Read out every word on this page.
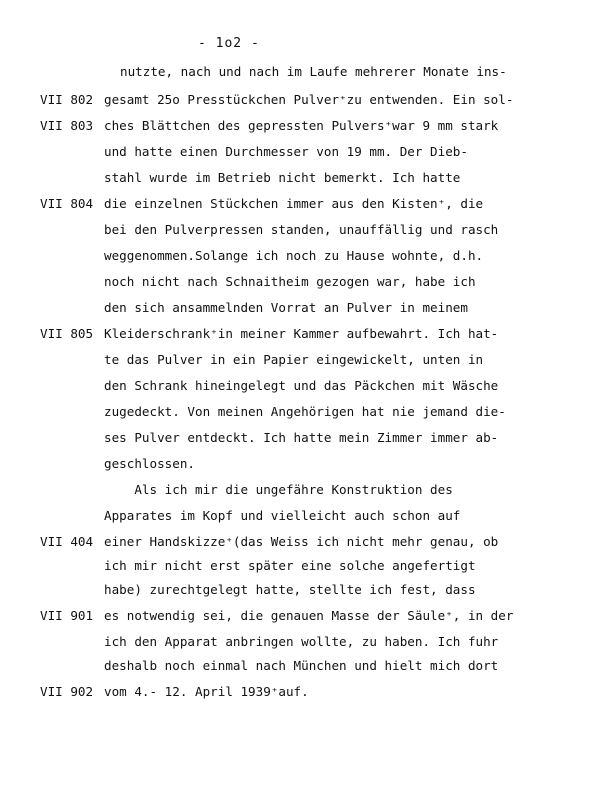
- 1o2 -
nutzte, nach und nach im Laufe mehrerer Monate ins-
VII 802 gesamt 25o Presstückchen Pulver⁺zu entwenden. Ein sol-
VII 803 ches Blättchen des gepressten Pulvers⁺war 9 mm stark
und hatte einen Durchmesser von 19 mm. Der Dieb-
stahl wurde im Betrieb nicht bemerkt. Ich hatte
VII 804 die einzelnen Stückchen immer aus den Kisten⁺, die
bei den Pulverpressen standen, unauffällig und rasch
weggenommen.Solange ich noch zu Hause wohnte, d.h.
noch nicht nach Schnaitheim gezogen war, habe ich
den sich ansammelnden Vorrat an Pulver in meinem
VII 805 Kleiderschrank⁺in meiner Kammer aufbewahrt. Ich hat-
te das Pulver in ein Papier eingewickelt, unten in
den Schrank hineingelegt und das Päckchen mit Wäsche
zugedeckt. Von meinen Angehörigen hat nie jemand die-
ses Pulver entdeckt. Ich hatte mein Zimmer immer ab-
geschlossen.
Als ich mir die ungefähre Konstruktion des
Apparates im Kopf und vielleicht auch schon auf
VII 404 einer Handskizze⁺(das Weiss ich nicht mehr genau, ob
ich mir nicht erst später eine solche angefertigt
habe) zurechtgelegt hatte, stellte ich fest, dass
VII 901 es notwendig sei, die genauen Masse der Säule⁺, in der
ich den Apparat anbringen wollte, zu haben. Ich fuhr
deshalb noch einmal nach München und hielt mich dort
VII 902 vom 4.- 12. April 1939⁺auf.
